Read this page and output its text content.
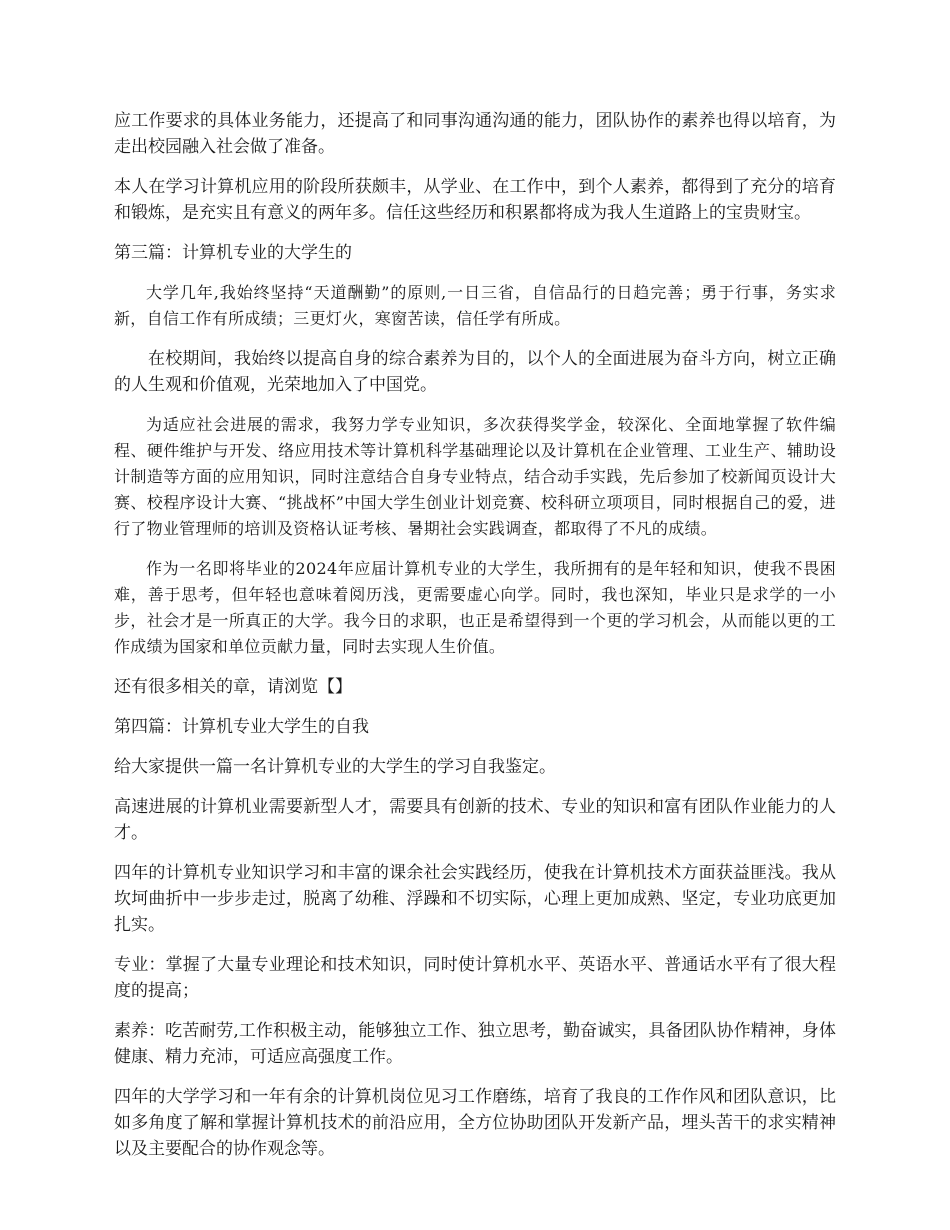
应工作要求的具体业务能力，还提高了和同事沟通沟通的能力，团队协作的素养也得以培育，为走出校园融入社会做了准备。

本人在学习计算机应用的阶段所获颇丰，从学业、在工作中，到个人素养，都得到了充分的培育和锻炼，是充实且有意义的两年多。信任这些经历和积累都将成为我人生道路上的宝贵财宝。

第三篇：计算机专业的大学生的

大学几年,我始终坚持“天道酬勤”的原则,一日三省，自信品行的日趋完善；勇于行事，务实求新，自信工作有所成绩；三更灯火，寒窗苦读，信任学有所成。

在校期间，我始终以提高自身的综合素养为目的，以个人的全面进展为奋斗方向，树立正确的人生观和价值观，光荣地加入了中国党。

为适应社会进展的需求，我努力学专业知识，多次获得奖学金，较深化、全面地掌握了软件编程、硬件维护与开发、络应用技术等计算机科学基础理论以及计算机在企业管理、工业生产、辅助设计制造等方面的应用知识，同时注意结合自身专业特点，结合动手实践，先后参加了校新闻页设计大赛、校程序设计大赛、“挑战杯”中国大学生创业计划竞赛、校科研立项项目，同时根据自己的爱，进行了物业管理师的培训及资格认证考核、暑期社会实践调查，都取得了不凡的成绩。

作为一名即将毕业的2024年应届计算机专业的大学生，我所拥有的是年轻和知识，使我不畏困难，善于思考，但年轻也意味着阅历浅，更需要虚心向学。同时，我也深知，毕业只是求学的一小步，社会才是一所真正的大学。我今日的求职，也正是希望得到一个更的学习机会，从而能以更的工作成绩为国家和单位贡献力量，同时去实现人生价值。

还有很多相关的章，请浏览【】

第四篇：计算机专业大学生的自我

给大家提供一篇一名计算机专业的大学生的学习自我鉴定。

高速进展的计算机业需要新型人才，需要具有创新的技术、专业的知识和富有团队作业能力的人才。

四年的计算机专业知识学习和丰富的课余社会实践经历，使我在计算机技术方面获益匪浅。我从坎坷曲折中一步步走过，脱离了幼稚、浮躁和不切实际，心理上更加成熟、坚定，专业功底更加扎实。

专业：掌握了大量专业理论和技术知识，同时使计算机水平、英语水平、普通话水平有了很大程度的提高；

素养：吃苦耐劳,工作积极主动，能够独立工作、独立思考，勤奋诚实，具备团队协作精神，身体健康、精力充沛，可适应高强度工作。

四年的大学学习和一年有余的计算机岗位见习工作磨练，培育了我良的工作作风和团队意识，比如多角度了解和掌握计算机技术的前沿应用，全方位协助团队开发新产品，埋头苦干的求实精神以及主要配合的协作观念等。
